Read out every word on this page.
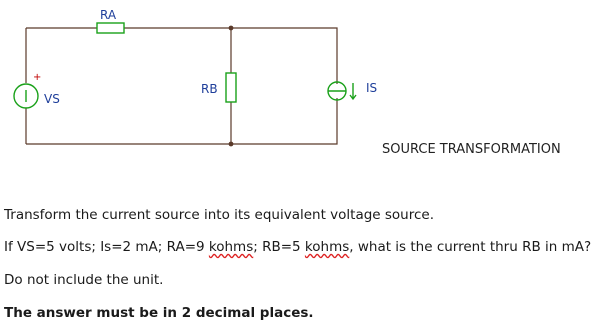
RA
RB
+
VS
IS
SOURCE TRANSFORMATION
Transform the current source into its equivalent voltage source.
If VS=5 volts; Is=2 mA; RA=9 kohms; RB=5 kohms, what is the current thru RB in mA?
Do not include the unit.
The answer must be in 2 decimal places.
